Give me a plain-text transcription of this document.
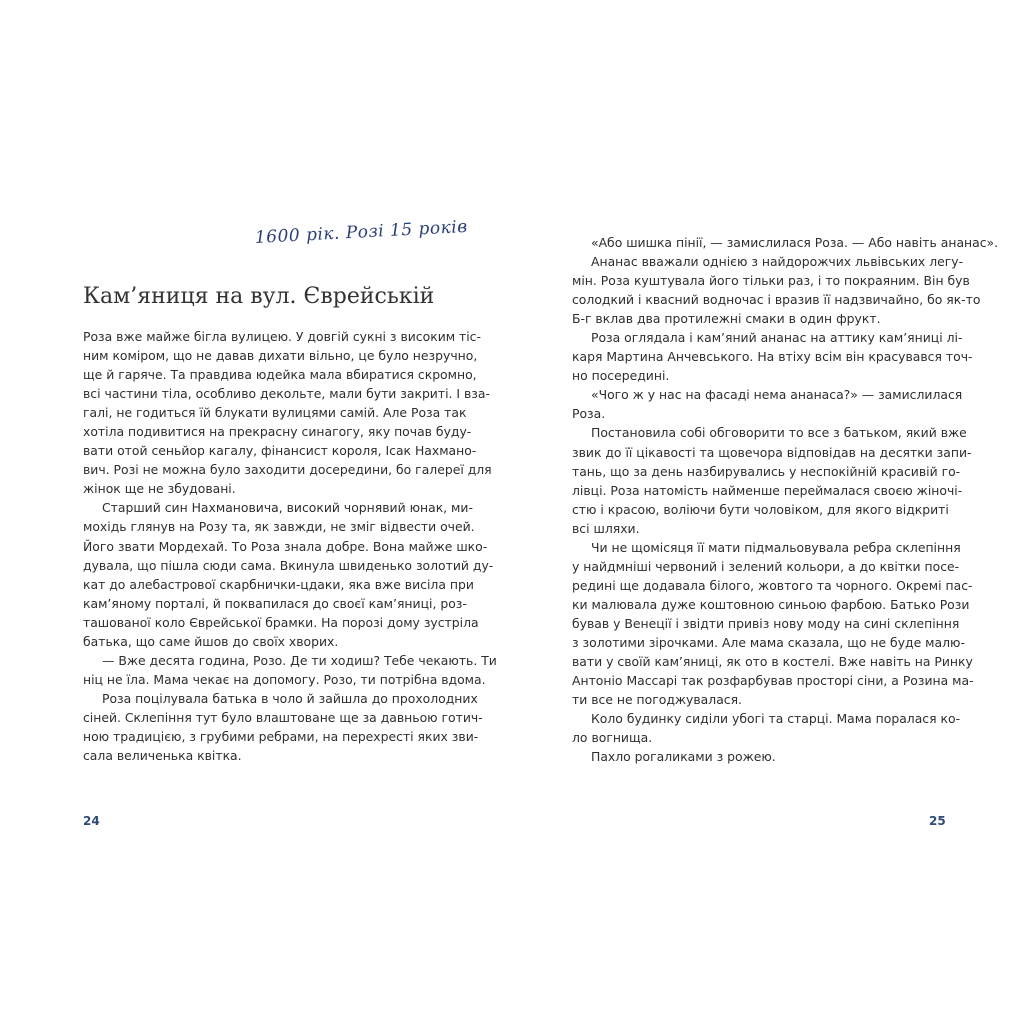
1600 рік. Розі 15 років
Кам’яниця на вул. Єврейській
Роза вже майже бігла вулицею. У довгій сукні з високим тіс-
ним коміром, що не давав дихати вільно, це було незручно,
ще й гаряче. Та правдива юдейка мала вбиратися скромно,
всі частини тіла, особливо декольте, мали бути закриті. І вза-
галі, не годиться їй блукати вулицями самій. Але Роза так
хотіла подивитися на прекрасну синагогу, яку почав буду-
вати отой сеньйор кагалу, фінансист короля, Ісак Нахмано-
вич. Розі не можна було заходити досередини, бо галереї для
жінок ще не збудовані.
Старший син Нахмановича, високий чорнявий юнак, ми-
мохідь глянув на Розу та, як завжди, не зміг відвести очей.
Його звати Мордехай. То Роза знала добре. Вона майже шко-
дувала, що пішла сюди сама. Вкинула швиденько золотий ду-
кат до алебастрової скарбнички-цдаки, яка вже висіла при
кам’яному порталі, й поквапилася до своєї кам’яниці, роз-
ташованої коло Єврейської брамки. На порозі дому зустріла
батька, що саме йшов до своїх хворих.
— Вже десята година, Розо. Де ти ходиш? Тебе чекають. Ти
ніц не їла. Мама чекає на допомогу. Розо, ти потрібна вдома.
Роза поцілувала батька в чоло й зайшла до прохолодних
сіней. Склепіння тут було влаштоване ще за давньою готич-
ною традицією, з грубими ребрами, на перехресті яких зви-
сала величенька квітка.
24
«Або шишка пінії, — замислилася Роза. — Або навіть ананас».
Ананас вважали однією з найдорожчих львівських легу-
мін. Роза куштувала його тільки раз, і то покраяним. Він був
солодкий і квасний водночас і вразив її надзвичайно, бо як-то
Б-г вклав два протилежні смаки в один фрукт.
Роза оглядала і кам’яний ананас на аттику кам’яниці лі-
каря Мартина Анчевського. На втіху всім він красувався точ-
но посередині.
«Чого ж у нас на фасаді нема ананаса?» — замислилася
Роза.
Постановила собі обговорити то все з батьком, який вже
звик до її цікавості та щовечора відповідав на десятки запи-
тань, що за день назбирувались у неспокійній красивій го-
лівці. Роза натомість найменше переймалася своєю жіночі-
стю і красою, воліючи бути чоловіком, для якого відкриті
всі шляхи.
Чи не щомісяця її мати підмальовувала ребра склепіння
у найдмніші червоний і зелений кольори, а до квітки посе-
редині ще додавала білого, жовтого та чорного. Окремі пас-
ки малювала дуже коштовною синьою фарбою. Батько Рози
бував у Венеції і звідти привіз нову моду на сині склепіння
з золотими зірочками. Але мама сказала, що не буде малю-
вати у своїй кам’яниці, як ото в костелі. Вже навіть на Ринку
Антоніо Массарі так розфарбував просторі сіни, а Розина ма-
ти все не погоджувалася.
Коло будинку сиділи убогі та старці. Мама поралася ко-
ло вогнища.
Пахло рогаликами з рожею.
25
